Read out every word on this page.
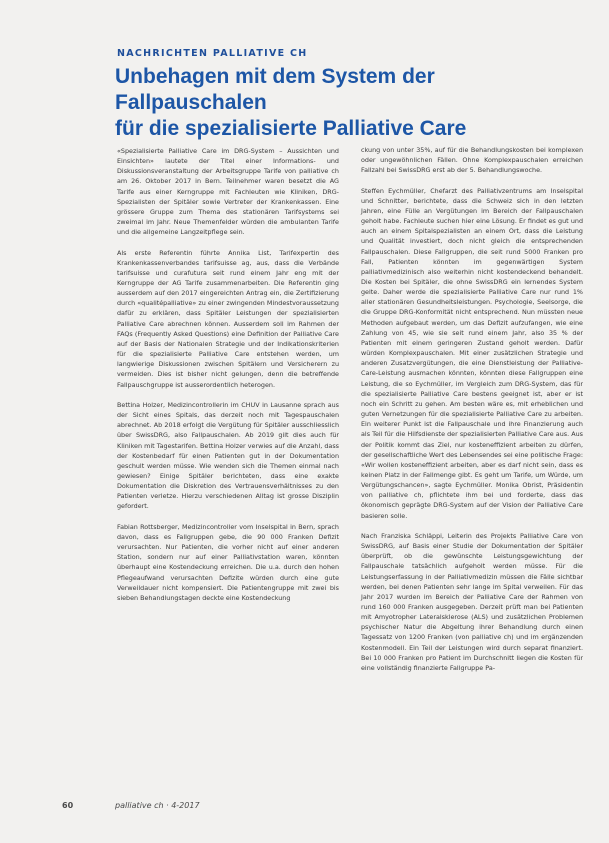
NACHRICHTEN PALLIATIVE CH
Unbehagen mit dem System der Fallpauschalen
für die spezialisierte Palliative Care

«Spezialisierte Palliative Care im DRG-System – Aussichten und Einsichten» lautete der Titel einer Informations- und Diskussionsveranstaltung der Arbeitsgruppe Tarife von palliative ch am 26. Oktober 2017 in Bern. Teilnehmer waren besetzt die AG Tarife aus einer Kerngruppe mit Fachleuten wie Kliniken, DRG-Spezialisten der Spitäler sowie Vertreter der Krankenkassen. Eine grössere Gruppe zum Thema des stationären Tarifsystems sei zweimal im Jahr. Neue Themenfelder würden die ambulanten Tarife und die allgemeine Langzeitpflege sein.

Als erste Referentin führte Annika List, Tarifexpertin des Krankenkassenverbandes tarifsuisse ag, aus, dass die Verbände tarifsuisse und curafutura seit rund einem Jahr eng mit der Kerngruppe der AG Tarife zusammenarbeiten. Die Referentin ging ausserdem auf den 2017 eingereichten Antrag ein, die Zertifizierung durch «qualitépalliative» zu einer zwingenden Mindestvoraussetzung dafür zu erklären, dass Spitäler Leistungen der spezialisierten Palliative Care abrechnen können. Ausserdem soll im Rahmen der FAQs (Frequently Asked Questions) eine Definition der Palliative Care auf der Basis der Nationalen Strategie und der Indikationskriterien für die spezialisierte Palliative Care entstehen werden, um langwierige Diskussionen zwischen Spitälern und Versicherern zu vermeiden. Dies ist bisher nicht gelungen, denn die betreffende Fallpauschgruppe ist ausserordentlich heterogen.

Bettina Holzer, Medizincontrollerin im CHUV in Lausanne sprach aus der Sicht eines Spitals, das derzeit noch mit Tagespauschalen abrechnet. Ab 2018 erfolgt die Vergütung für Spitäler ausschliesslich über SwissDRG, also Fallpauschalen. Ab 2019 gilt dies auch für Kliniken mit Tagestarifen. Bettina Holzer verwies auf die Anzahl, dass der Kostenbedarf für einen Patienten gut in der Dokumentation geschult werden müsse. Wie wenden sich die Themen einmal nach gewiesen? Einige Spitäler berichteten, dass eine exakte Dokumentation die Diskretion des Vertrauensverhältnisses zu den Patienten verletze. Hierzu verschiedenen Alltag ist grosse Disziplin gefordert.

Fabian Rottsberger, Medizincontroller vom Inselspital in Bern, sprach davon, dass es Fallgruppen gebe, die 90 000 Franken Defizit verursachten. Nur Patienten, die vorher nicht auf einer anderen Station, sondern nur auf einer Palliativstation waren, könnten überhaupt eine Kostendeckung erreichen. Die u.a. durch den hohen Pflegeaufwand verursachten Defizite würden durch eine gute Verweildauer nicht kompensiert. Die Patientengruppe mit zwei bis sieben Behandlungstagen deckte eine Kostendeckung

ckung von unter 35%, auf für die Behandlungskosten bei komplexen oder ungewöhnlichen Fällen. Ohne Komplexpauschalen erreichen Fallzahl bei SwissDRG erst ab der 5. Behandlungswoche.

Steffen Eychmüller, Chefarzt des Palliativzentrums am Inselspital und Schnitter, berichtete, dass die Schweiz sich in den letzten Jahren, eine Fülle an Vergütungen im Bereich der Fallpauschalen geholt habe. Fachleute suchen hier eine Lösung. Er findet es gut und auch an einem Spitalspezialisten an einem Ort, dass die Leistung und Qualität investiert, doch nicht gleich die entsprechenden Fallpauschalen. Diese Fallgruppen, die seit rund 5000 Franken pro Fall, Patienten könnten im gegenwärtigen System palliativmedizinisch also weiterhin nicht kostendeckend behandelt. Die Kosten bei Spitäler, die ohne SwissDRG ein lernendes System gelte. Daher werde die spezialisierte Palliative Care nur rund 1% aller stationären Gesundheitsleistungen. Psychologie, Seelsorge, die die Gruppe DRG-Konformität nicht entsprechend. Nun müssten neue Methoden aufgebaut werden, um das Defizit aufzufangen, wie eine Zahlung von 45, wie sie seit rund einem Jahr, also 35 % der Patienten mit einem geringeren Zustand geholt werden. Dafür würden Komplexpauschalen. Mit einer zusätzlichen Strategie und anderen Zusatzvergütungen, die eine Dienstleistung der Palliative-Care-Leistung ausmachen könnten, könnten diese Fallgruppen eine Leistung, die so Eychmüller, im Vergleich zum DRG-System, das für die spezialisierte Palliative Care bestens geeignet ist, aber er ist noch ein Schritt zu gehen. Am besten wäre es, mit erheblichen und guten Vernetzungen für die spezialisierte Palliative Care zu arbeiten. Ein weiterer Punkt ist die Fallpauschale und ihre Finanzierung auch als Teil für die Hilfsdienste der spezialisierten Palliative Care aus. Aus der Politik kommt das Ziel, nur kosteneffizient arbeiten zu dürfen, der gesellschaftliche Wert des Lebensendes sei eine politische Frage: «Wir wollen kosteneffizient arbeiten, aber es darf nicht sein, dass es keinen Platz in der Fallmenge gibt. Es geht um Tarife, um Würde, um Vergütungschancen», sagte Eychmüller. Monika Obrist, Präsidentin von palliative ch, pflichtete ihm bei und forderte, dass das ökonomisch geprägte DRG-System auf der Vision der Palliative Care basieren solle.

Nach Franziska Schläppi, Leiterin des Projekts Palliative Care von SwissDRG, auf Basis einer Studie der Dokumentation der Spitäler überprüft, ob die gewünschte Leistungsgewichtung der Fallpauschale tatsächlich aufgeholt werden müsse. Für die Leistungserfassung in der Palliativmedizin müssen die Fälle sichtbar werden, bei denen Patienten sehr lange im Spital verweilen. Für das Jahr 2017 wurden im Bereich der Palliative Care der Rahmen von rund 160 000 Franken ausgegeben. Derzeit prüft man bei Patienten mit Amyotropher Lateralsklerose (ALS) und zusätzlichen Problemen psychischer Natur die Abgeltung ihrer Behandlung durch einen Tagessatz von 1200 Franken (von palliative ch) und im ergänzenden Kostenmodell. Ein Teil der Leistungen wird durch separat finanziert. Bei 10 000 Franken pro Patient im Durchschnitt liegen die Kosten für eine vollständig finanzierte Fallgruppe Pa-

60	palliative ch · 4-2017
